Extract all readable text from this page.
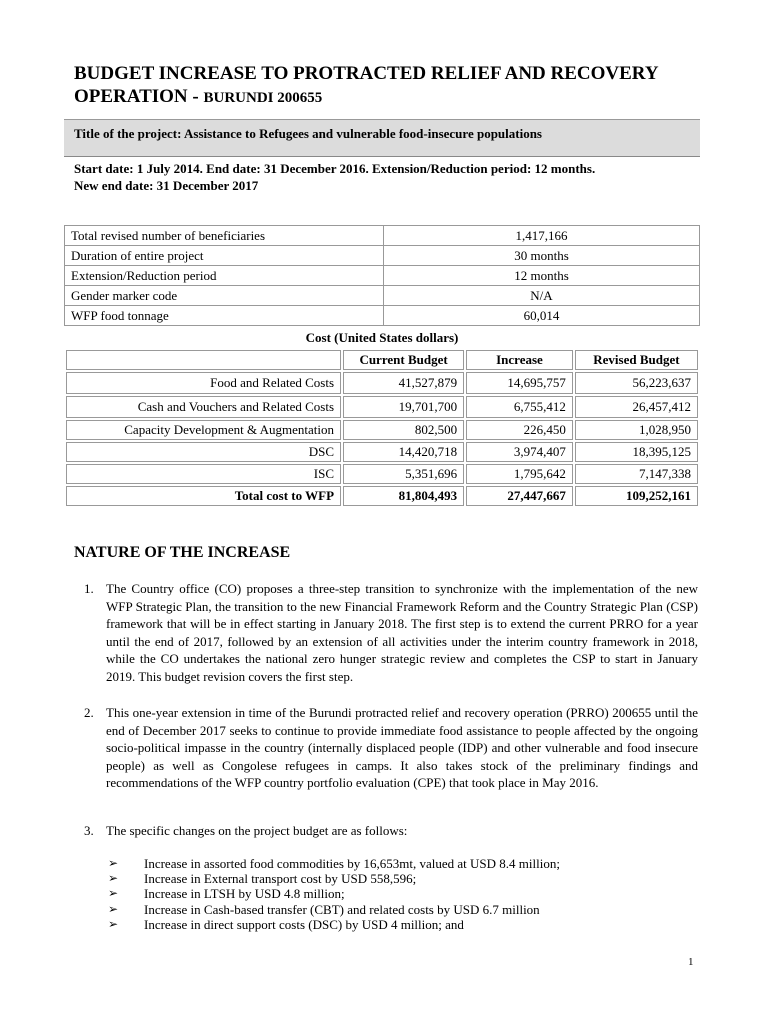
BUDGET INCREASE TO PROTRACTED RELIEF AND RECOVERY OPERATION - BURUNDI 200655
Title of the project: Assistance to Refugees and vulnerable food-insecure populations

Start date: 1 July 2014. End date: 31 December 2016. Extension/Reduction period: 12 months.

New end date: 31 December 2017

Total revised number of beneficiaries	1,417,166
Duration of entire project	30 months
Extension/Reduction period	12 months
Gender marker code	N/A
WFP food tonnage	60,014
Cost (United States dollars)
	Current Budget	Increase	Revised Budget
Food and Related Costs	41,527,879	14,695,757	56,223,637
Cash and Vouchers and Related Costs	19,701,700	6,755,412	26,457,412
Capacity Development & Augmentation	802,500	226,450	1,028,950
DSC	14,420,718	3,974,407	18,395,125
ISC	5,351,696	1,795,642	7,147,338
Total cost to WFP	81,804,493	27,447,667	109,252,161
NATURE OF THE INCREASE
1. The Country office (CO) proposes a three-step transition to synchronize with the implementation of the new WFP Strategic Plan, the transition to the new Financial Framework Reform and the Country Strategic Plan (CSP) framework that will be in effect starting in January 2018. The first step is to extend the current PRRO for a year until the end of 2017, followed by an extension of all activities under the interim country framework in 2018, while the CO undertakes the national zero hunger strategic review and completes the CSP to start in January 2019. This budget revision covers the first step.
2. This one-year extension in time of the Burundi protracted relief and recovery operation (PRRO) 200655 until the end of December 2017 seeks to continue to provide immediate food assistance to people affected by the ongoing socio-political impasse in the country (internally displaced people (IDP) and other vulnerable and food insecure people) as well as Congolese refugees in camps. It also takes stock of the preliminary findings and recommendations of the WFP country portfolio evaluation (CPE) that took place in May 2016.
3. The specific changes on the project budget are as follows:
➢ Increase in assorted food commodities by 16,653mt, valued at USD 8.4 million;
➢ Increase in External transport cost by USD 558,596;
➢ Increase in LTSH by USD 4.8 million;
➢ Increase in Cash-based transfer (CBT) and related costs by USD 6.7 million
➢ Increase in direct support costs (DSC) by USD 4 million; and
1
